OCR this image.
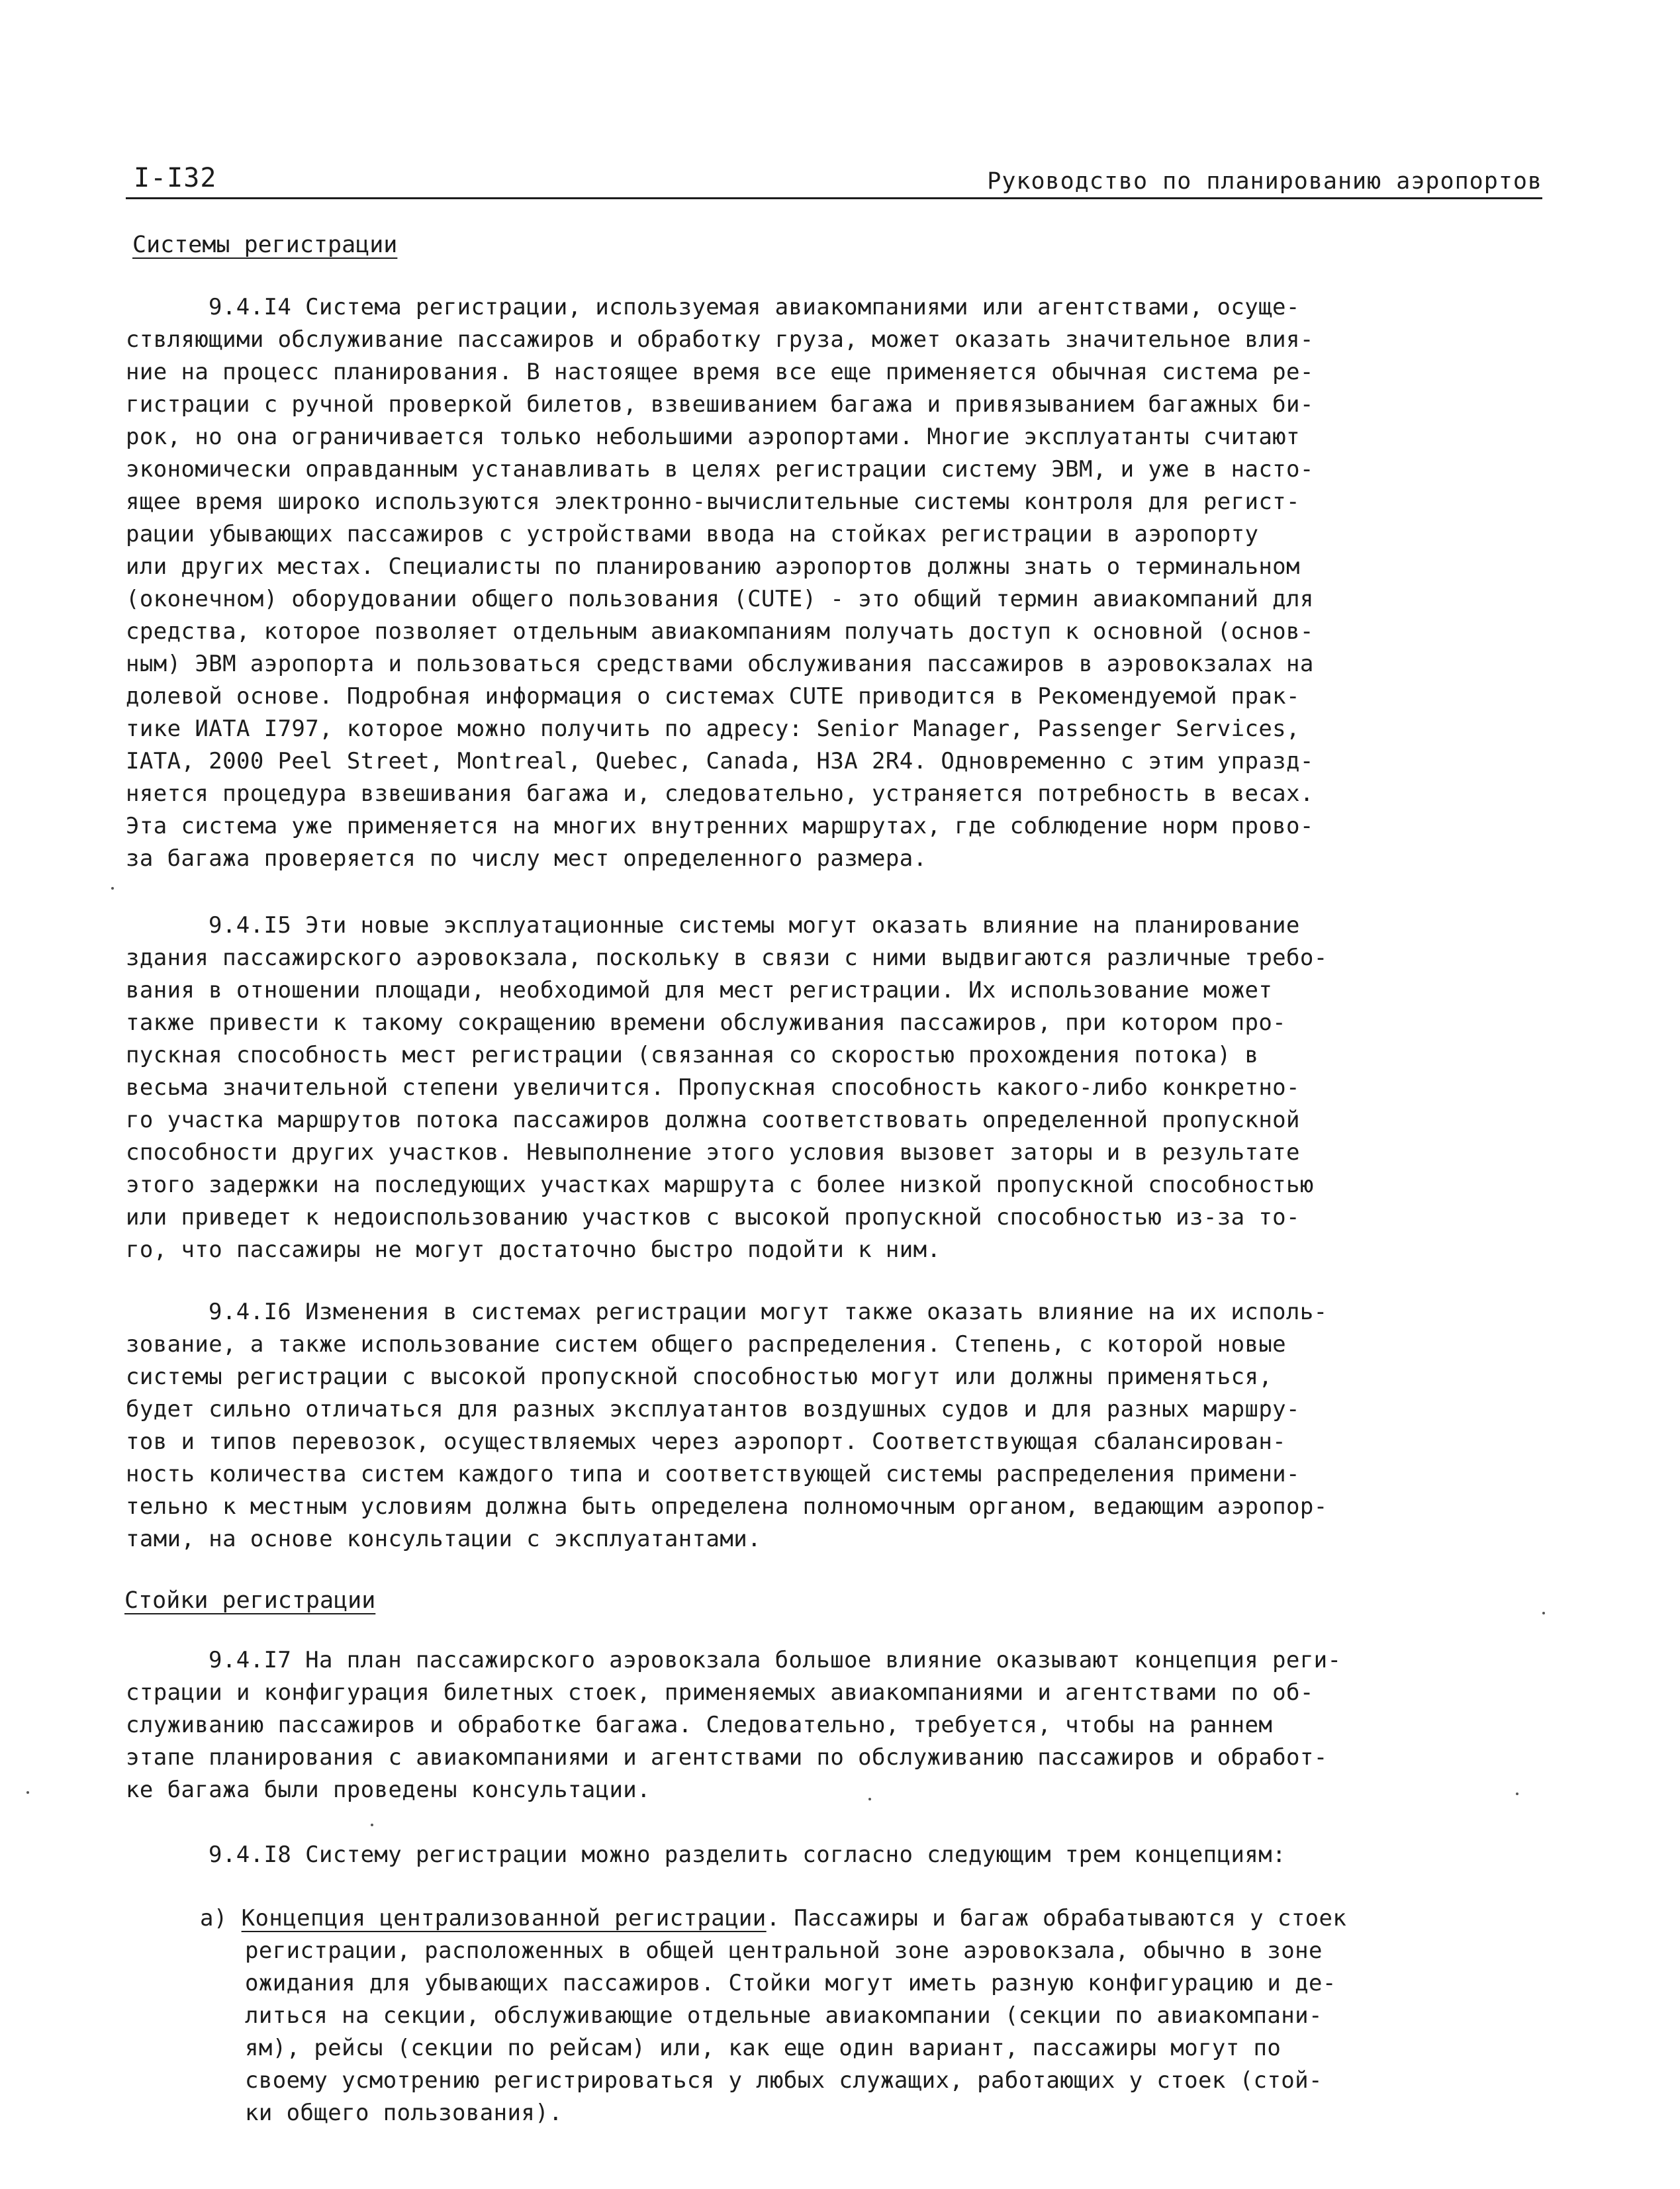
I-I32	Руководство по планированию аэропортов
Системы регистрации
9.4.I4 Система регистрации, используемая авиакомпаниями или агентствами, осуще-
ствляющими обслуживание пассажиров и обработку груза, может оказать значительное влия-
ние на процесс планирования. В настоящее время все еще применяется обычная система ре-
гистрации с ручной проверкой билетов, взвешиванием багажа и привязыванием багажных би-
рок, но она ограничивается только небольшими аэропортами. Многие эксплуатанты считают
экономически оправданным устанавливать в целях регистрации систему ЭВМ, и уже в насто-
ящее время широко используются электронно-вычислительные системы контроля для регист-
рации убывающих пассажиров с устройствами ввода на стойках регистрации в аэропорту
или других местах. Специалисты по планированию аэропортов должны знать о терминальном
(оконечном) оборудовании общего пользования (CUTE) - это общий термин авиакомпаний для
средства, которое позволяет отдельным авиакомпаниям получать доступ к основной (основ-
ным) ЭВМ аэропорта и пользоваться средствами обслуживания пассажиров в аэровокзалах на
долевой основе. Подробная информация о системах CUTE приводится в Рекомендуемой прак-
тике ИАТА I797, которое можно получить по адресу: Senior Manager, Passenger Services,
IATA, 2000 Peel Street, Montreal, Quebec, Canada, H3A 2R4. Одновременно с этим упразд-
няется процедура взвешивания багажа и, следовательно, устраняется потребность в весах.
Эта система уже применяется на многих внутренних маршрутах, где соблюдение норм прово-
за багажа проверяется по числу мест определенного размера.
9.4.I5 Эти новые эксплуатационные системы могут оказать влияние на планирование
здания пассажирского аэровокзала, поскольку в связи с ними выдвигаются различные требо-
вания в отношении площади, необходимой для мест регистрации. Их использование может
также привести к такому сокращению времени обслуживания пассажиров, при котором про-
пускная способность мест регистрации (связанная со скоростью прохождения потока) в
весьма значительной степени увеличится. Пропускная способность какого-либо конкретно-
го участка маршрутов потока пассажиров должна соответствовать определенной пропускной
способности других участков. Невыполнение этого условия вызовет заторы и в результате
этого задержки на последующих участках маршрута с более низкой пропускной способностью
или приведет к недоиспользованию участков с высокой пропускной способностью из-за то-
го, что пассажиры не могут достаточно быстро подойти к ним.
9.4.I6 Изменения в системах регистрации могут также оказать влияние на их исполь-
зование, а также использование систем общего распределения. Степень, с которой новые
системы регистрации с высокой пропускной способностью могут или должны применяться,
будет сильно отличаться для разных эксплуатантов воздушных судов и для разных маршру-
тов и типов перевозок, осуществляемых через аэропорт. Соответствующая сбалансирован-
ность количества систем каждого типа и соответствующей системы распределения примени-
тельно к местным условиям должна быть определена полномочным органом, ведающим аэропор-
тами, на основе консультации с эксплуатантами.
Стойки регистрации
9.4.I7 На план пассажирского аэровокзала большое влияние оказывают концепция реги-
страции и конфигурация билетных стоек, применяемых авиакомпаниями и агентствами по об-
служиванию пассажиров и обработке багажа. Следовательно, требуется, чтобы на раннем
этапе планирования с авиакомпаниями и агентствами по обслуживанию пассажиров и обработ-
ке багажа были проведены консультации.
9.4.I8 Систему регистрации можно разделить согласно следующим трем концепциям:
a) Концепция централизованной регистрации. Пассажиры и багаж обрабатываются у стоек
регистрации, расположенных в общей центральной зоне аэровокзала, обычно в зоне
ожидания для убывающих пассажиров. Стойки могут иметь разную конфигурацию и де-
литься на секции, обслуживающие отдельные авиакомпании (секции по авиакомпани-
ям), рейсы (секции по рейсам) или, как еще один вариант, пассажиры могут по
своему усмотрению регистрироваться у любых служащих, работающих у стоек (стой-
ки общего пользования).
